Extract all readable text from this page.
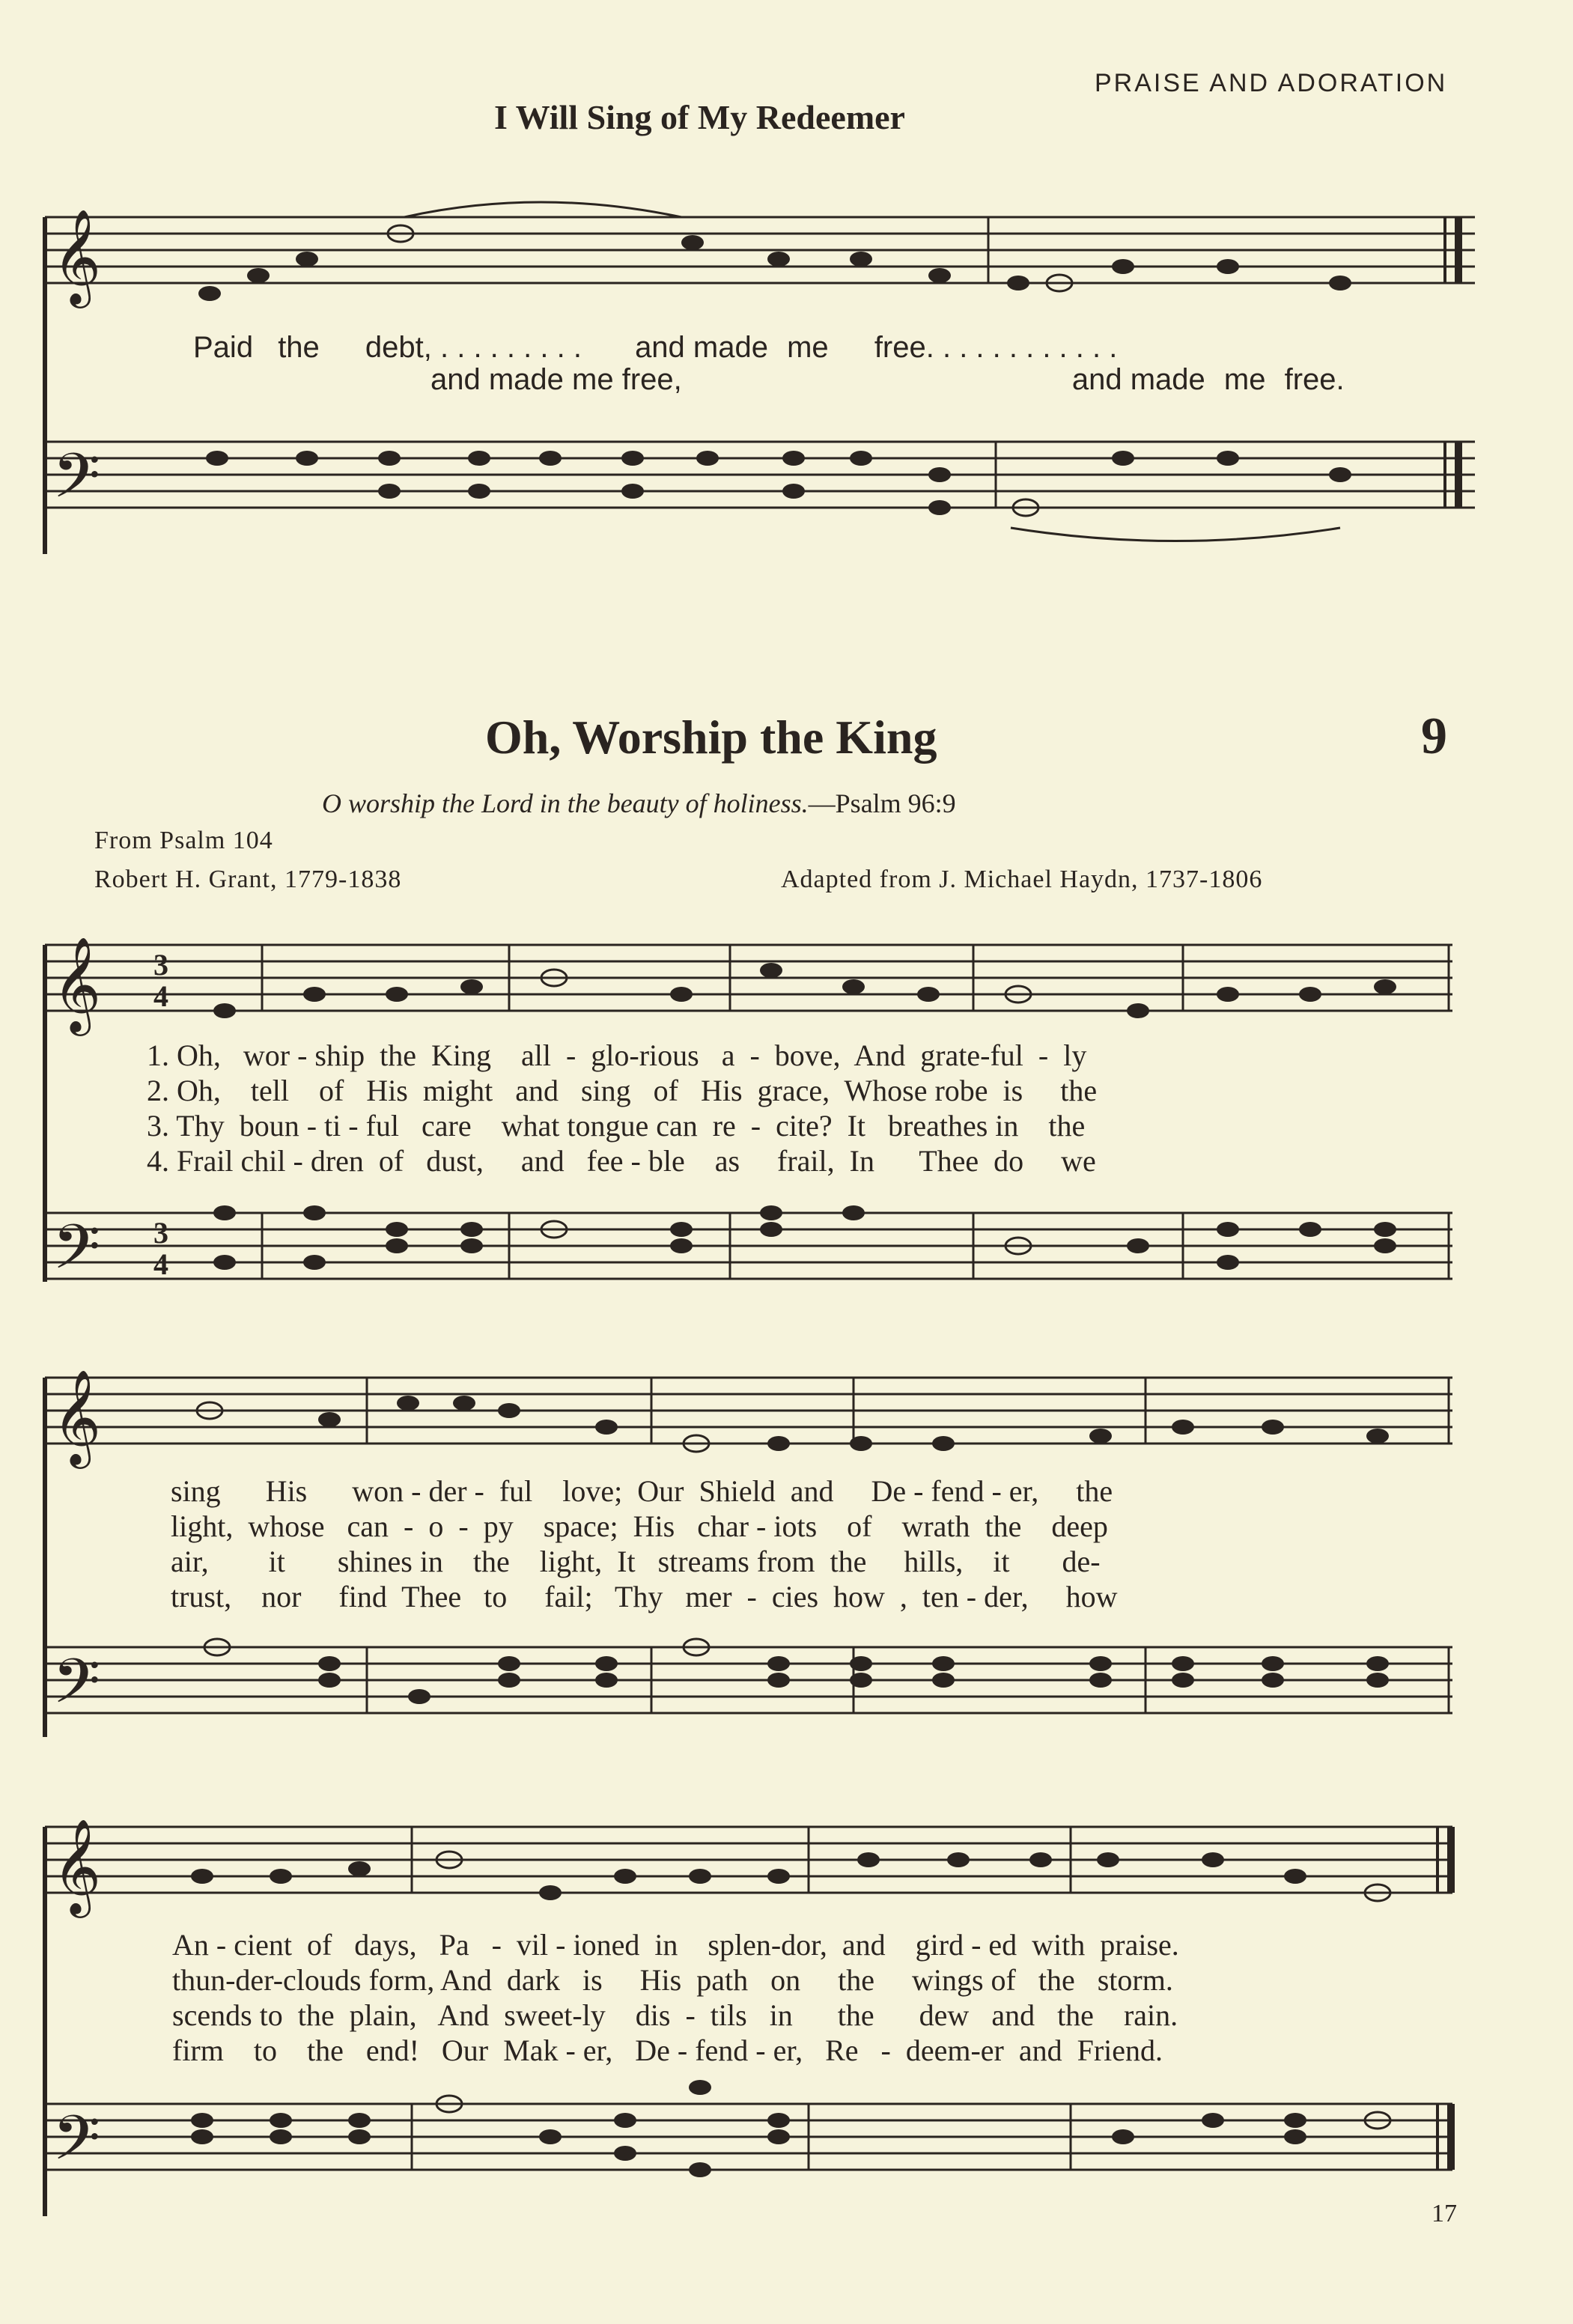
PRAISE AND ADORATION
I Will Sing of My Redeemer
𝄞
Paid the debt, . . . . . . . . . and made me free. . . . . . . . . . . .
and made me free,	and made me free.
𝄢
Oh, Worship the King	9
O worship the Lord in the beauty of holiness.—Psalm 96:9
From Psalm 104
Robert H. Grant, 1779-1838	Adapted from J. Michael Haydn, 1737-1806
𝄞 3
4
1. Oh,   wor - ship  the  King    all  -  glo-rious   a  -  bove,  And  grate-ful  -  ly
2. Oh,    tell    of   His  might   and   sing   of   His  grace,  Whose robe  is     the
3. Thy  boun - ti - ful   care    what tongue can  re  -  cite?  It   breathes in    the
4. Frail chil - dren  of   dust,     and   fee - ble    as     frail,  In      Thee  do     we
𝄢 3
4
𝄞
sing      His      won - der -  ful    love;  Our  Shield  and     De - fend - er,     the
light,  whose   can  -  o  -  py    space;  His   char - iots    of    wrath  the    deep
air,        it       shines in    the    light,  It   streams from  the     hills,    it       de-
trust,    nor     find  Thee   to     fail;   Thy   mer  -  cies  how  ,  ten - der,     how
𝄢
𝄞
An - cient  of   days,   Pa   -  vil - ioned  in    splen-dor,  and    gird - ed  with  praise.
thun-der-clouds form, And  dark   is     His  path   on     the     wings of   the   storm.
scends to  the  plain,   And  sweet-ly    dis  -  tils   in      the      dew   and   the    rain.
firm    to    the   end!   Our  Mak - er,   De - fend - er,   Re   -  deem-er  and  Friend.
𝄢
17
